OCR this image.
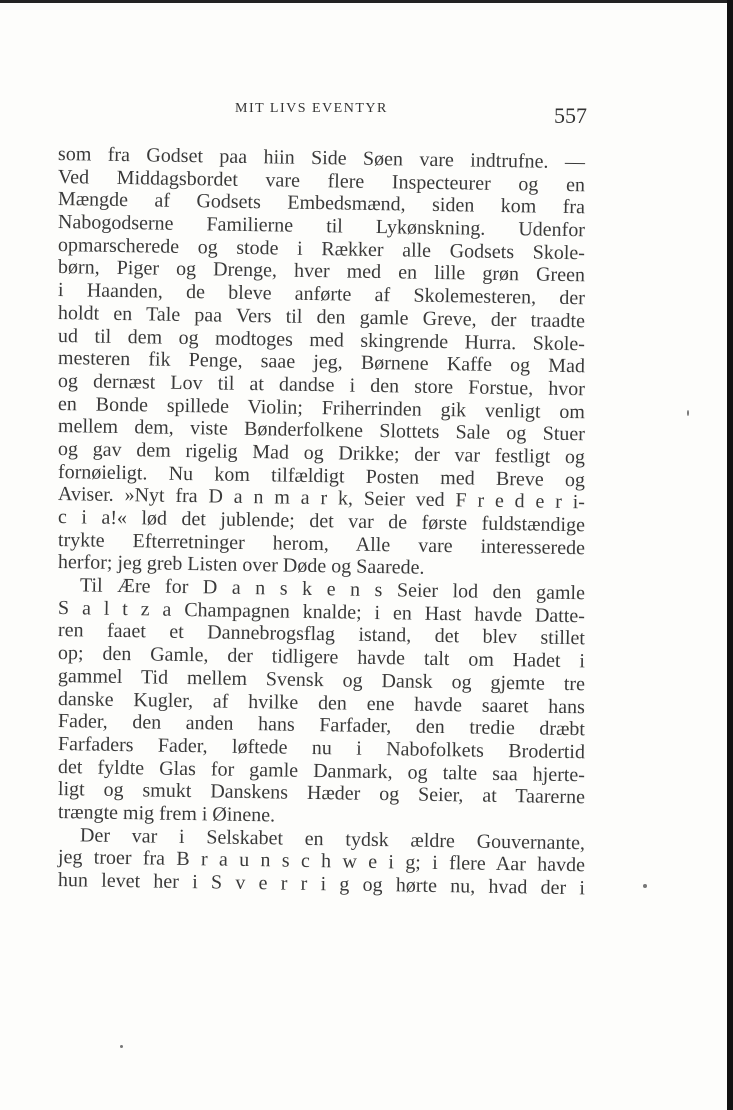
MIT LIVS EVENTYR	557
som fra Godset paa hiin Side Søen vare indtrufne. —
Ved Middagsbordet vare flere Inspecteurer og en
Mængde af Godsets Embedsmænd, siden kom fra
Nabogodserne Familierne til Lykønskning. Udenfor
opmarscherede og stode i Rækker alle Godsets Skole-
børn, Piger og Drenge, hver med en lille grøn Green
i Haanden, de bleve anførte af Skolemesteren, der
holdt en Tale paa Vers til den gamle Greve, der traadte
ud til dem og modtoges med skingrende Hurra. Skole-
mesteren fik Penge, saae jeg, Børnene Kaffe og Mad
og dernæst Lov til at dandse i den store Forstue, hvor
en Bonde spillede Violin; Friherrinden gik venligt om
mellem dem, viste Bønderfolkene Slottets Sale og Stuer
og gav dem rigelig Mad og Drikke; der var festligt og
fornøieligt. Nu kom tilfældigt Posten med Breve og
Aviser. »Nyt fra D a n m a r k, Seier ved F r e d e r i-
c i a!« lød det jublende; det var de første fuldstændige
trykte Efterretninger herom, Alle vare interesserede
herfor; jeg greb Listen over Døde og Saarede.
Til Ære for D a n s k e n s Seier lod den gamle
S a l t z a Champagnen knalde; i en Hast havde Datte-
ren faaet et Dannebrogsflag istand, det blev stillet
op; den Gamle, der tidligere havde talt om Hadet i
gammel Tid mellem Svensk og Dansk og gjemte tre
danske Kugler, af hvilke den ene havde saaret hans
Fader, den anden hans Farfader, den tredie dræbt
Farfaders Fader, løftede nu i Nabofolkets Brodertid
det fyldte Glas for gamle Danmark, og talte saa hjerte-
ligt og smukt Danskens Hæder og Seier, at Taarerne
trængte mig frem i Øinene.
Der var i Selskabet en tydsk ældre Gouvernante,
jeg troer fra B r a u n s c h w e i g; i flere Aar havde
hun levet her i S v e r r i g og hørte nu, hvad der i
